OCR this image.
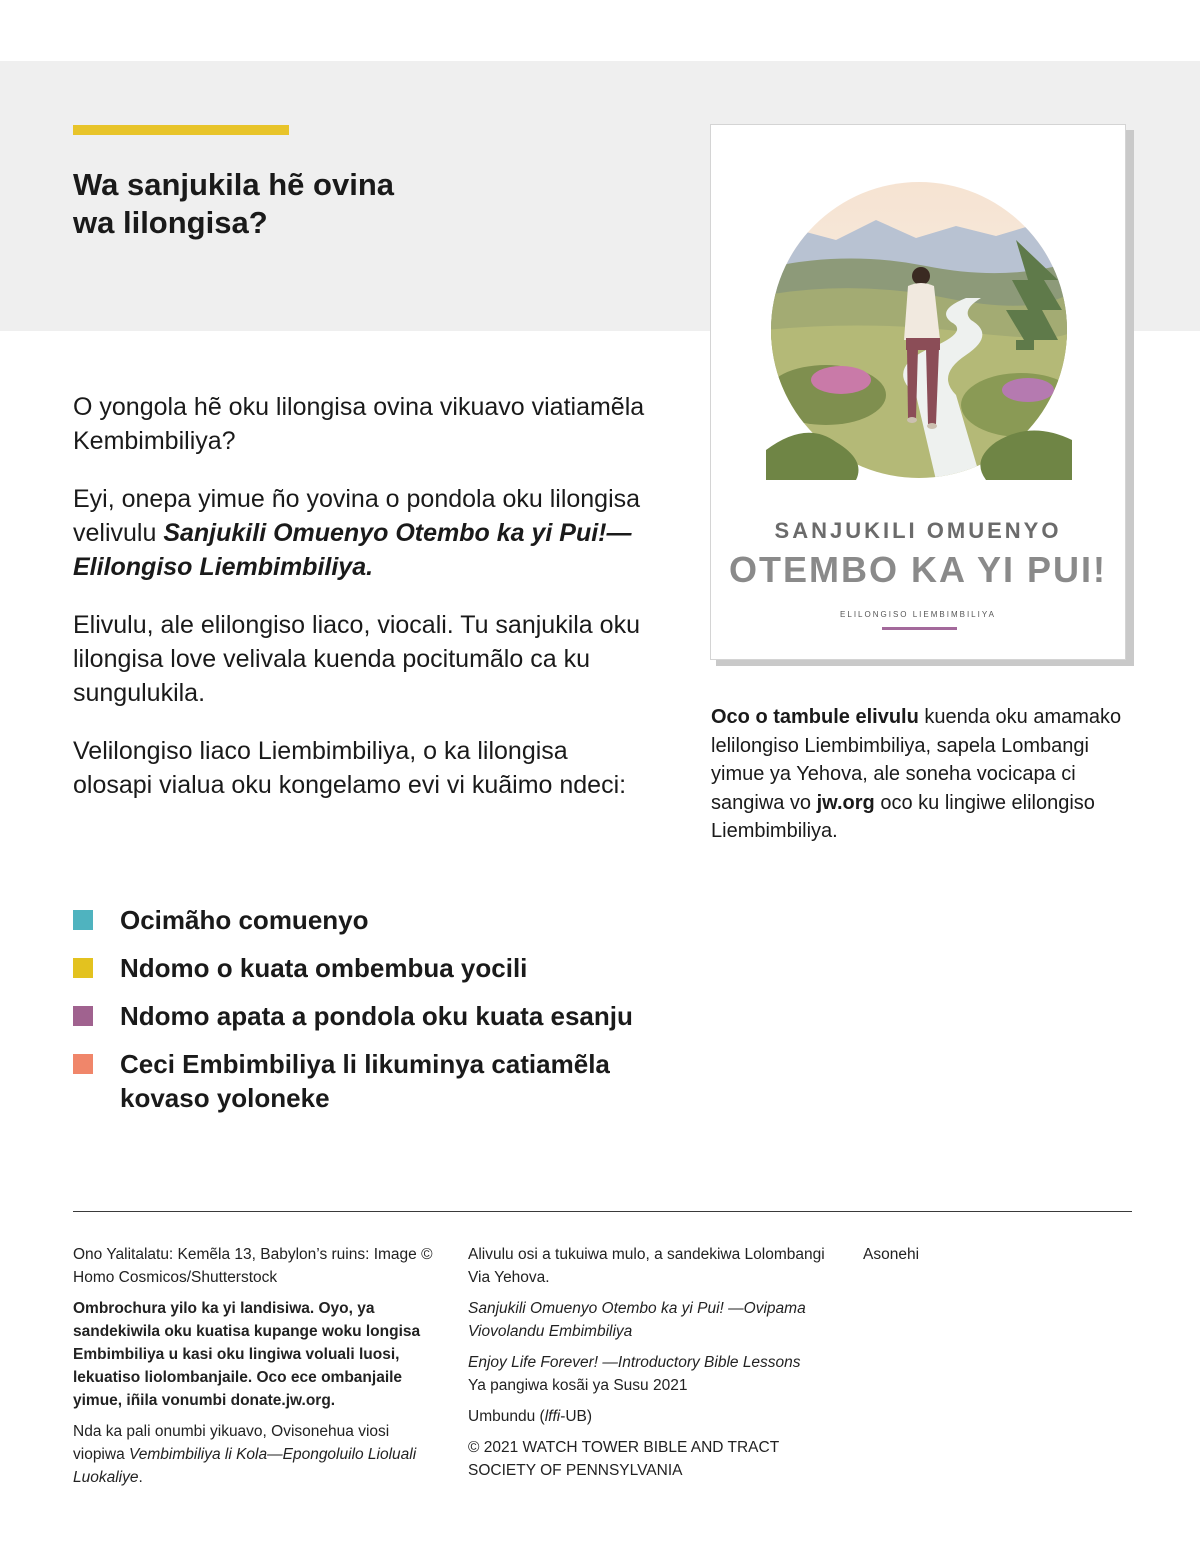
Wa sanjukila hẽ ovina
wa lilongisa?

O yongola hẽ oku lilongisa ovina vikuavo viatiamẽla Kembimbiliya?

Eyi, onepa yimue ño yovina o pondola oku lilongisa velivulu Sanjukili Omuenyo Otembo ka yi Pui!—Elilongiso Liembimbiliya.

Elivulu, ale elilongiso liaco, viocali. Tu sanjukila oku lilongisa love velivala kuenda pocitumãlo ca ku sungulukila.

Velilongiso liaco Liembimbiliya, o ka lilongisa olosapi vialua oku kongelamo evi vi kuãimo ndeci:

Ocimãho comuenyo
Ndomo o kuata ombembua yocili
Ndomo apata a pondola oku kuata esanju
Ceci Embimbiliya li likuminya catiamẽla kovaso yoloneke
SANJUKILI OMUENYO
OTEMBO KA YI PUI!
ELILONGISO LIEMBIMBILIYA
Oco o tambule elivulu kuenda oku amamako lelilongiso Liembimbiliya, sapela Lombangi yimue ya Yehova, ale soneha vocicapa ci sangiwa vo jw.org oco ku lingiwe elilongiso Liembimbiliya.

Ono Yalitalatu: Kemẽla 13, Babylon’s ruins: Image © Homo Cosmicos/Shutterstock

Ombrochura yilo ka yi landisiwa. Oyo, ya sandekiwila oku kuatisa kupange woku longisa Embimbiliya u kasi oku lingiwa voluali luosi, lekuatiso liolombanjaile. Oco ece ombanjaile yimue, iñila vonumbi donate.jw.org.

Nda ka pali onumbi yikuavo, Ovisonehua viosi viopiwa Vembimbiliya li Kola—Epongoluilo Lioluali Luokaliye.

Alivulu osi a tukuiwa mulo, a sandekiwa Lolombangi Via Yehova.

Sanjukili Omuenyo Otembo ka yi Pui! —Ovipama Viovolandu Embimbiliya

Enjoy Life Forever! —Introductory Bible Lessons
Ya pangiwa kosãi ya Susu 2021

Umbundu (lffi-UB)

© 2021 WATCH TOWER BIBLE AND TRACT SOCIETY OF PENNSYLVANIA

Asonehi
